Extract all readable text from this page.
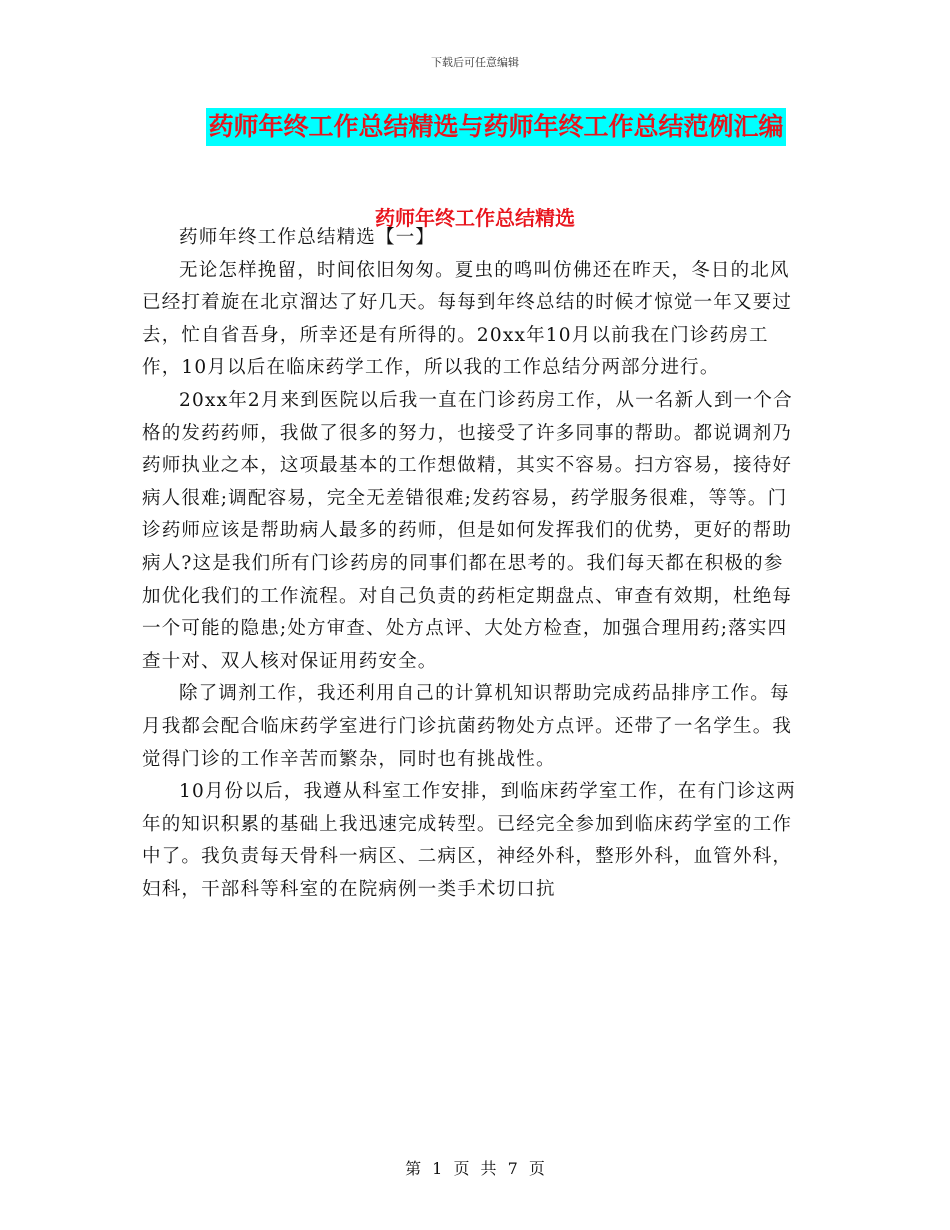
下载后可任意编辑
药师年终工作总结精选与药师年终工作总结范例汇编
药师年终工作总结精选

药师年终工作总结精选【一】

无论怎样挽留，时间依旧匆匆。夏虫的鸣叫仿佛还在昨天，冬日的北风已经打着旋在北京溜达了好几天。每每到年终总结的时候才惊觉一年又要过去，忙自省吾身，所幸还是有所得的。20xx年10月以前我在门诊药房工作，10月以后在临床药学工作，所以我的工作总结分两部分进行。

20xx年2月来到医院以后我一直在门诊药房工作，从一名新人到一个合格的发药药师，我做了很多的努力，也接受了许多同事的帮助。都说调剂乃药师执业之本，这项最基本的工作想做精，其实不容易。扫方容易，接待好病人很难;调配容易，完全无差错很难;发药容易，药学服务很难，等等。门诊药师应该是帮助病人最多的药师，但是如何发挥我们的优势，更好的帮助病人?这是我们所有门诊药房的同事们都在思考的。我们每天都在积极的参加优化我们的工作流程。对自己负责的药柜定期盘点、审查有效期，杜绝每一个可能的隐患;处方审查、处方点评、大处方检查，加强合理用药;落实四查十对、双人核对保证用药安全。

除了调剂工作，我还利用自己的计算机知识帮助完成药品排序工作。每月我都会配合临床药学室进行门诊抗菌药物处方点评。还带了一名学生。我觉得门诊的工作辛苦而繁杂，同时也有挑战性。

10月份以后，我遵从科室工作安排，到临床药学室工作，在有门诊这两年的知识积累的基础上我迅速完成转型。已经完全参加到临床药学室的工作中了。我负责每天骨科一病区、二病区，神经外科，整形外科，血管外科，妇科，干部科等科室的在院病例一类手术切口抗

第 1 页 共 7 页
